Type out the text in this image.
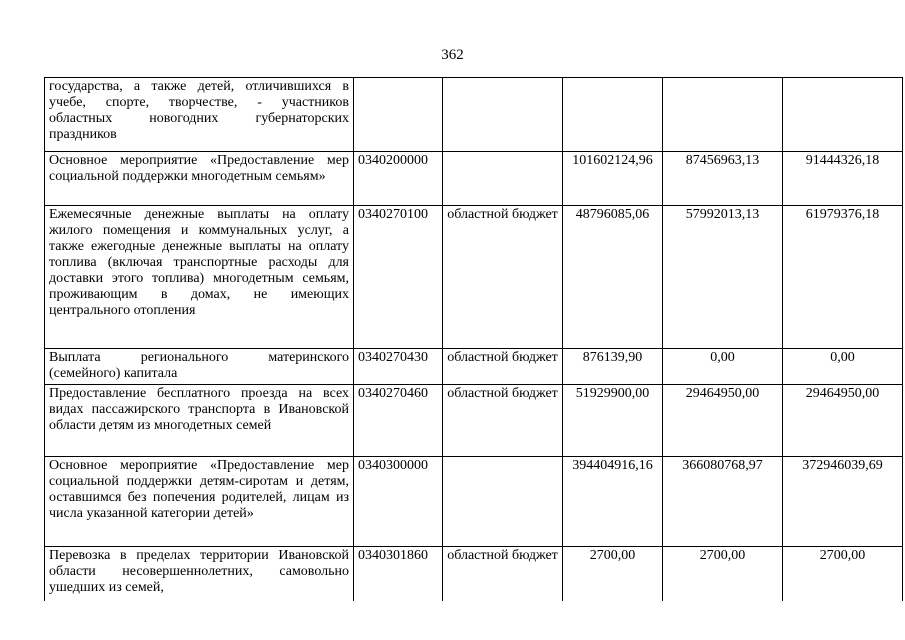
362
государства, а также детей, отличившихся в учебе, спорте, творчестве, - участников областных новогодних губернаторских праздников					
Основное мероприятие «Предоставление мер социальной поддержки многодетным семьям»	0340200000		101602124,96	87456963,13	91444326,18
Ежемесячные денежные выплаты на оплату жилого помещения и коммунальных услуг, а также ежегодные денежные выплаты на оплату топлива (включая транспортные расходы для доставки этого топлива) многодетным семьям, проживающим в домах, не имеющих центрального отопления	0340270100	областной бюджет	48796085,06	57992013,13	61979376,18
Выплата регионального материнского (семейного) капитала	0340270430	областной бюджет	876139,90	0,00	0,00
Предоставление бесплатного проезда на всех видах пассажирского транспорта в Ивановской области детям из многодетных семей	0340270460	областной бюджет	51929900,00	29464950,00	29464950,00
Основное мероприятие «Предоставление мер социальной поддержки детям-сиротам и детям, оставшимся без попечения родителей, лицам из числа указанной категории детей»	0340300000		394404916,16	366080768,97	372946039,69
Перевозка в пределах территории Ивановской области несовершеннолетних, самовольно ушедших из семей,	0340301860	областной бюджет	2700,00	2700,00	2700,00
